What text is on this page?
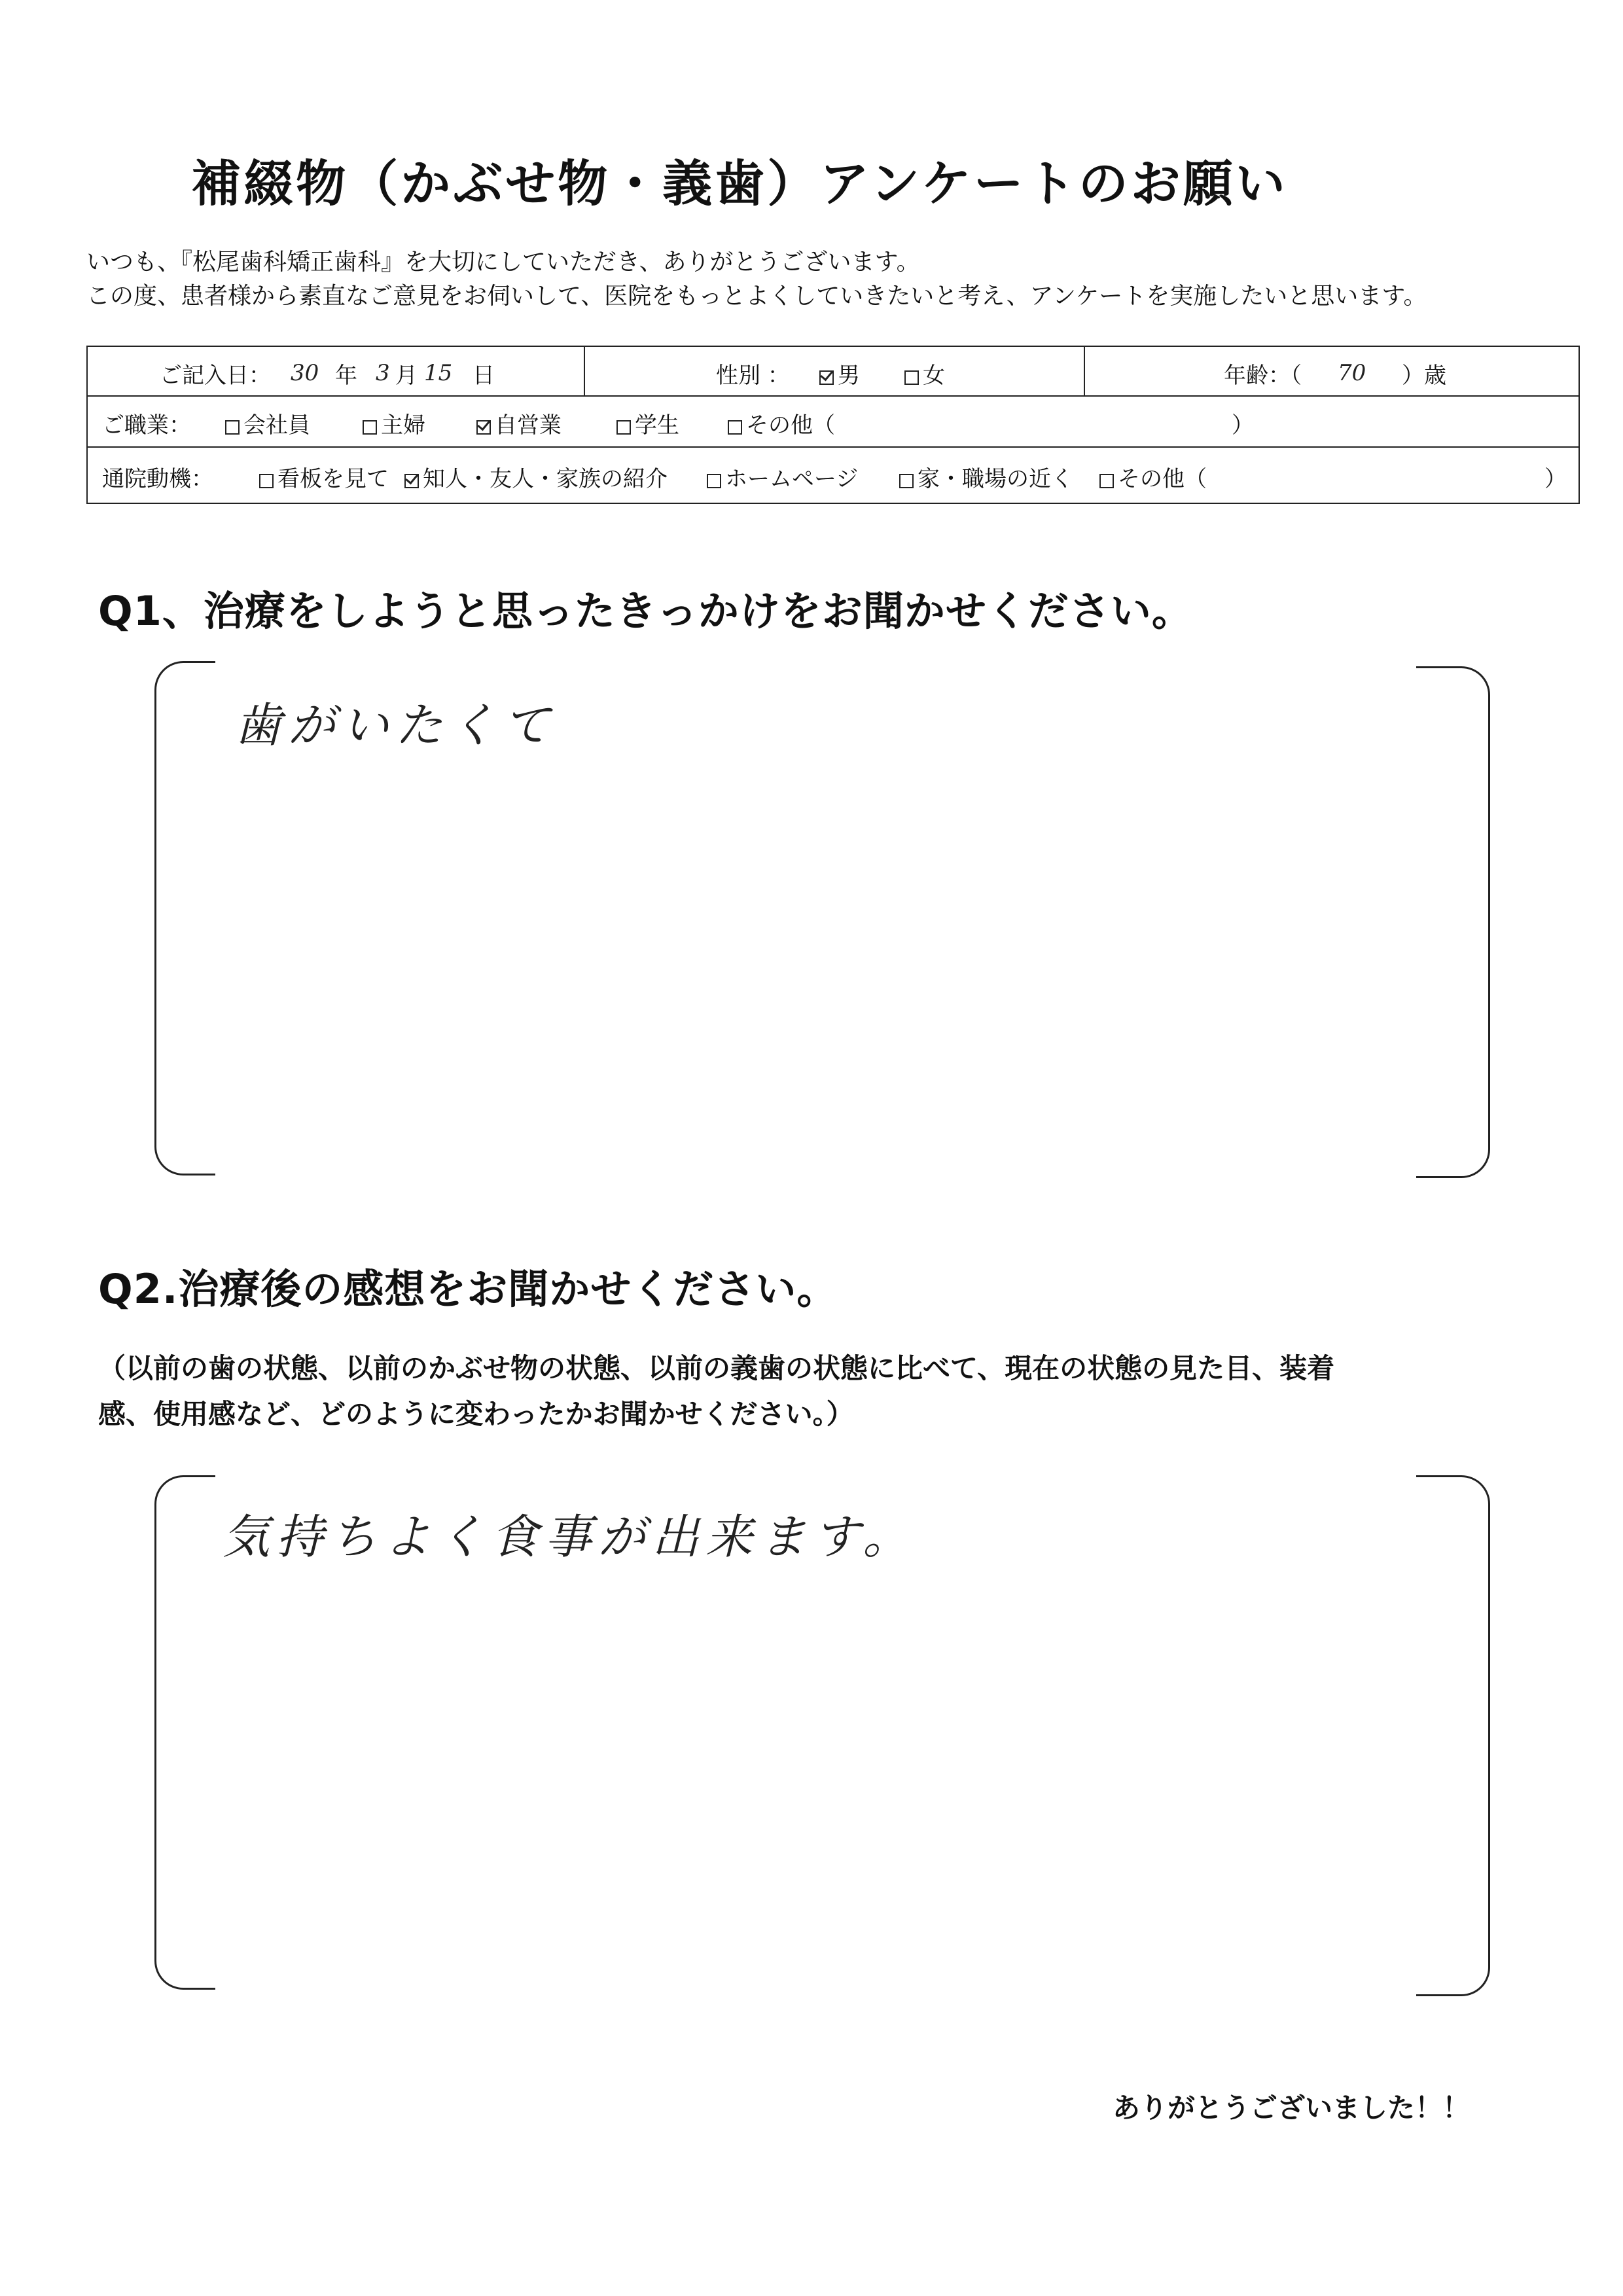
補綴物（かぶせ物・義歯）アンケートのお願い
いつも、『松尾歯科矯正歯科』を大切にしていただき、ありがとうございます。
この度、患者様から素直なご意見をお伺いして、医院をもっとよくしていきたいと考え、アンケートを実施したいと思います。
ご記入日： 30 年 3 月 15 日	性別 ：	男	女	年齢：（ 70 ）歳
ご職業：	会社員	主婦	自営業	学生	その他（	）
通院動機：	看板を見て	知人・友人・家族の紹介	ホームページ	家・職場の近く	その他（	）
Q1、治療をしようと思ったきっかけをお聞かせください。
歯がいたくて
Q2.治療後の感想をお聞かせください。
（以前の歯の状態、以前のかぶせ物の状態、以前の義歯の状態に比べて、現在の状態の見た目、装着
感、使用感など、どのように変わったかお聞かせください。）
気持ちよく食事が出来ます。
ありがとうございました！！
